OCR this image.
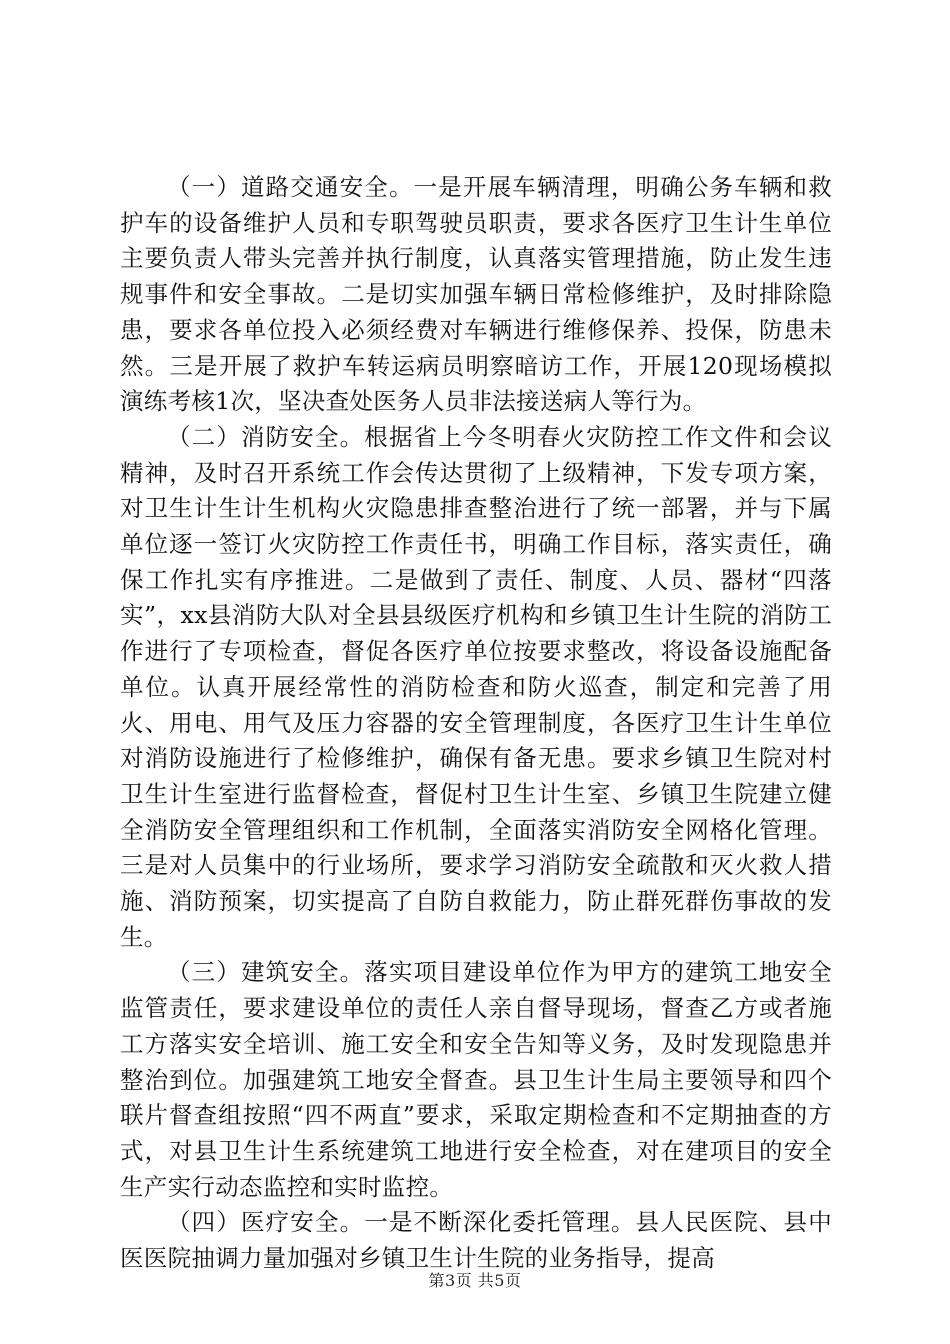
（一）道路交通安全。一是开展车辆清理，明确公务车辆和救护车的设备维护人员和专职驾驶员职责，要求各医疗卫生计生单位主要负责人带头完善并执行制度，认真落实管理措施，防止发生违规事件和安全事故。二是切实加强车辆日常检修维护，及时排除隐患，要求各单位投入必须经费对车辆进行维修保养、投保，防患未然。三是开展了救护车转运病员明察暗访工作，开展120现场模拟演练考核1次，坚决查处医务人员非法接送病人等行为。

（二）消防安全。根据省上今冬明春火灾防控工作文件和会议精神，及时召开系统工作会传达贯彻了上级精神，下发专项方案，对卫生计生计生机构火灾隐患排查整治进行了统一部署，并与下属单位逐一签订火灾防控工作责任书，明确工作目标，落实责任，确保工作扎实有序推进。二是做到了责任、制度、人员、器材“四落实”，xx县消防大队对全县县级医疗机构和乡镇卫生计生院的消防工作进行了专项检查，督促各医疗单位按要求整改，将设备设施配备单位。认真开展经常性的消防检查和防火巡查，制定和完善了用火、用电、用气及压力容器的安全管理制度，各医疗卫生计生单位对消防设施进行了检修维护，确保有备无患。要求乡镇卫生院对村卫生计生室进行监督检查，督促村卫生计生室、乡镇卫生院建立健全消防安全管理组织和工作机制，全面落实消防安全网格化管理。三是对人员集中的行业场所，要求学习消防安全疏散和灭火救人措施、消防预案，切实提高了自防自救能力，防止群死群伤事故的发生。

（三）建筑安全。落实项目建设单位作为甲方的建筑工地安全监管责任，要求建设单位的责任人亲自督导现场，督查乙方或者施工方落实安全培训、施工安全和安全告知等义务，及时发现隐患并整治到位。加强建筑工地安全督查。县卫生计生局主要领导和四个联片督查组按照“四不两直”要求，采取定期检查和不定期抽查的方式，对县卫生计生系统建筑工地进行安全检查，对在建项目的安全生产实行动态监控和实时监控。

（四）医疗安全。一是不断深化委托管理。县人民医院、县中医医院抽调力量加强对乡镇卫生计生院的业务指导，提高

第3页 共5页
